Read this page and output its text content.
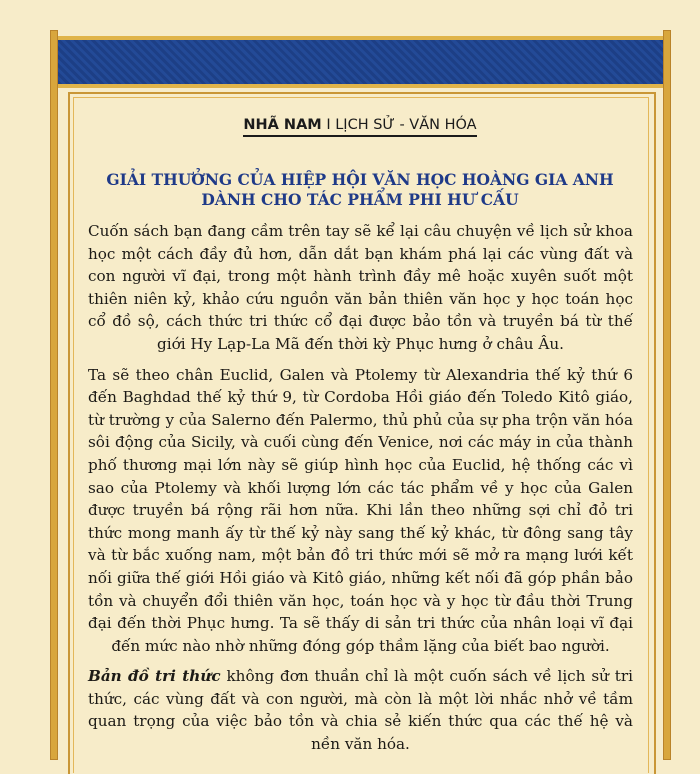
NHÃ NAM I LỊCH SỬ - VĂN HÓA
GIẢI THƯỞNG CỦA HIỆP HỘI VĂN HỌC HOÀNG GIA ANH
DÀNH CHO TÁC PHẨM PHI HƯ CẤU

Cuốn sách bạn đang cầm trên tay sẽ kể lại câu chuyện về lịch sử khoa học một cách đầy đủ hơn, dẫn dắt bạn khám phá lại các vùng đất và con người vĩ đại, trong một hành trình đầy mê hoặc xuyên suốt một thiên niên kỷ, khảo cứu nguồn văn bản thiên văn học y học toán học cổ đồ sộ, cách thức tri thức cổ đại được bảo tồn và truyền bá từ thế giới Hy Lạp-La Mã đến thời kỳ Phục hưng ở châu Âu.

Ta sẽ theo chân Euclid, Galen và Ptolemy từ Alexandria thế kỷ thứ 6 đến Baghdad thế kỷ thứ 9, từ Cordoba Hồi giáo đến Toledo Kitô giáo, từ trường y của Salerno đến Palermo, thủ phủ của sự pha trộn văn hóa sôi động của Sicily, và cuối cùng đến Venice, nơi các máy in của thành phố thương mại lớn này sẽ giúp hình học của Euclid, hệ thống các vì sao của Ptolemy và khối lượng lớn các tác phẩm về y học của Galen được truyền bá rộng rãi hơn nữa. Khi lần theo những sợi chỉ đỏ tri thức mong manh ấy từ thế kỷ này sang thế kỷ khác, từ đông sang tây và từ bắc xuống nam, một bản đồ tri thức mới sẽ mở ra mạng lưới kết nối giữa thế giới Hồi giáo và Kitô giáo, những kết nối đã góp phần bảo tồn và chuyển đổi thiên văn học, toán học và y học từ đầu thời Trung đại đến thời Phục hưng. Ta sẽ thấy di sản tri thức của nhân loại vĩ đại đến mức nào nhờ những đóng góp thầm lặng của biết bao người.

Bản đồ tri thức không đơn thuần chỉ là một cuốn sách về lịch sử tri thức, các vùng đất và con người, mà còn là một lời nhắc nhở về tầm quan trọng của việc bảo tồn và chia sẻ kiến thức qua các thế hệ và nền văn hóa.
